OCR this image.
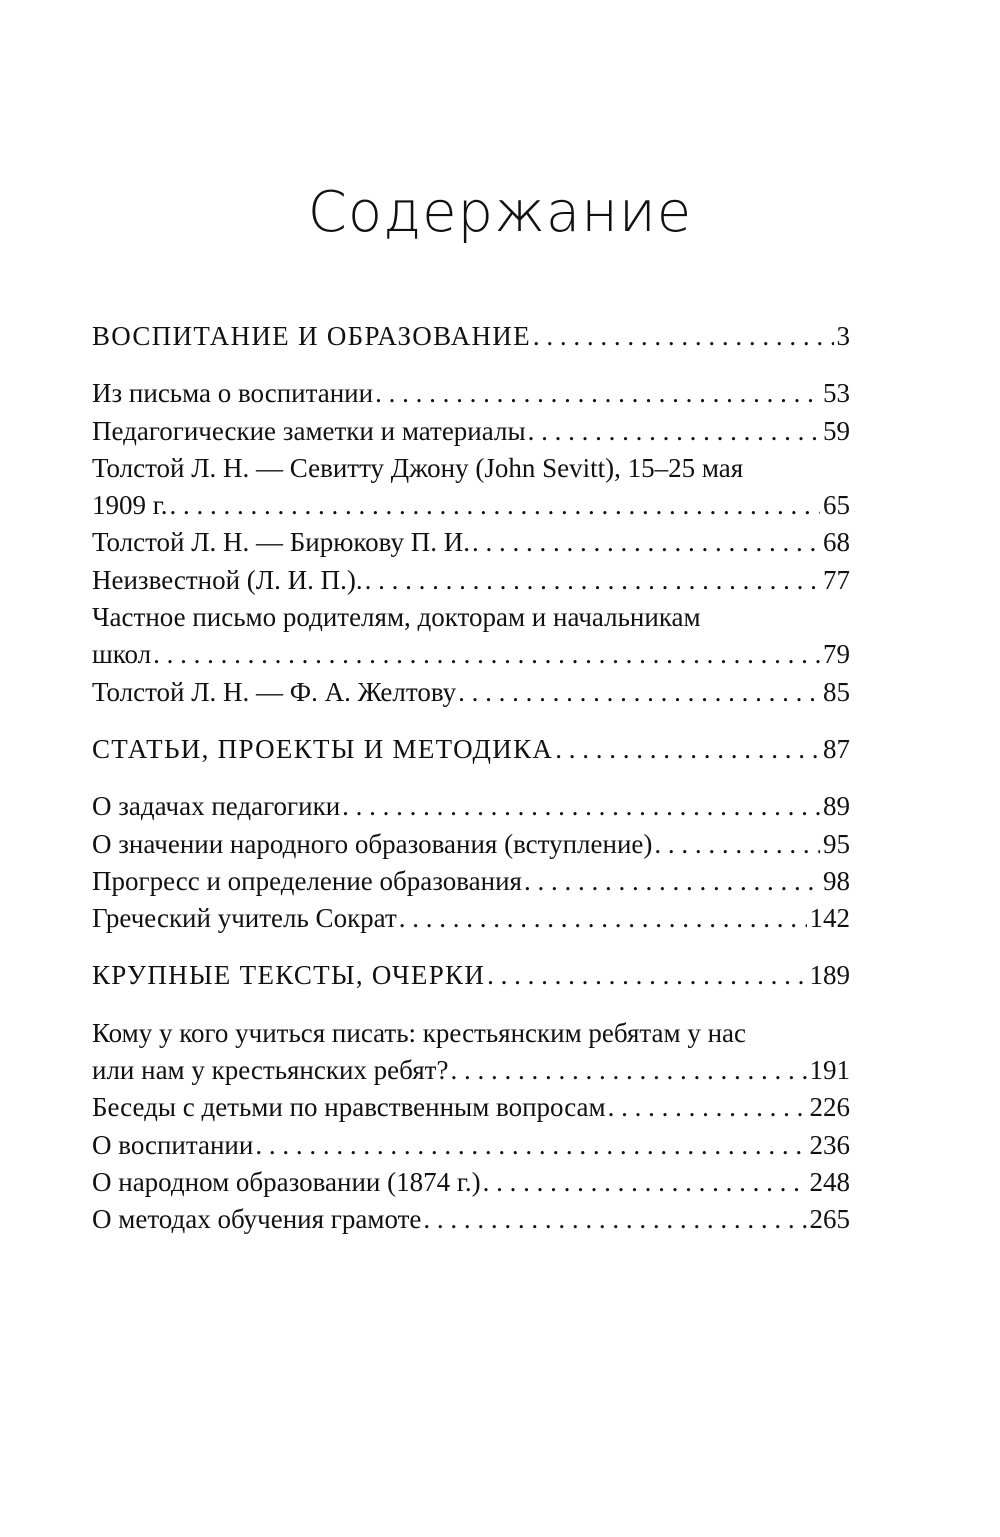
Содержание
ВОСПИТАНИЕ И ОБРАЗОВАНИЕ . . .	3
Из письма о воспитании . . .	53
Педагогические заметки и материалы . . .	59
Толстой Л. Н. — Севитту Джону (John Sevitt), 15–25 мая
1909 г. . . .	65
Толстой Л. Н. — Бирюкову П. И. . . .	68
Неизвестной (Л. И. П.). . . .	77
Частное письмо родителям, докторам и начальникам
школ . . .	79
Толстой Л. Н. — Ф. А. Желтову . . .	85
СТАТЬИ, ПРОЕКТЫ И МЕТОДИКА . . .	87
О задачах педагогики . . .	89
О значении народного образования (вступление) . . .	95
Прогресс и определение образования . . .	98
Греческий учитель Сократ . . .	142
КРУПНЫЕ ТЕКСТЫ, ОЧЕРКИ . . .	189
Кому у кого учиться писать: крестьянским ребятам у нас
или нам у крестьянских ребят? . . .	191
Беседы с детьми по нравственным вопросам . . .	226
О воспитании . . .	236
О народном образовании (1874 г.) . . .	248
О методах обучения грамоте . . .	265
